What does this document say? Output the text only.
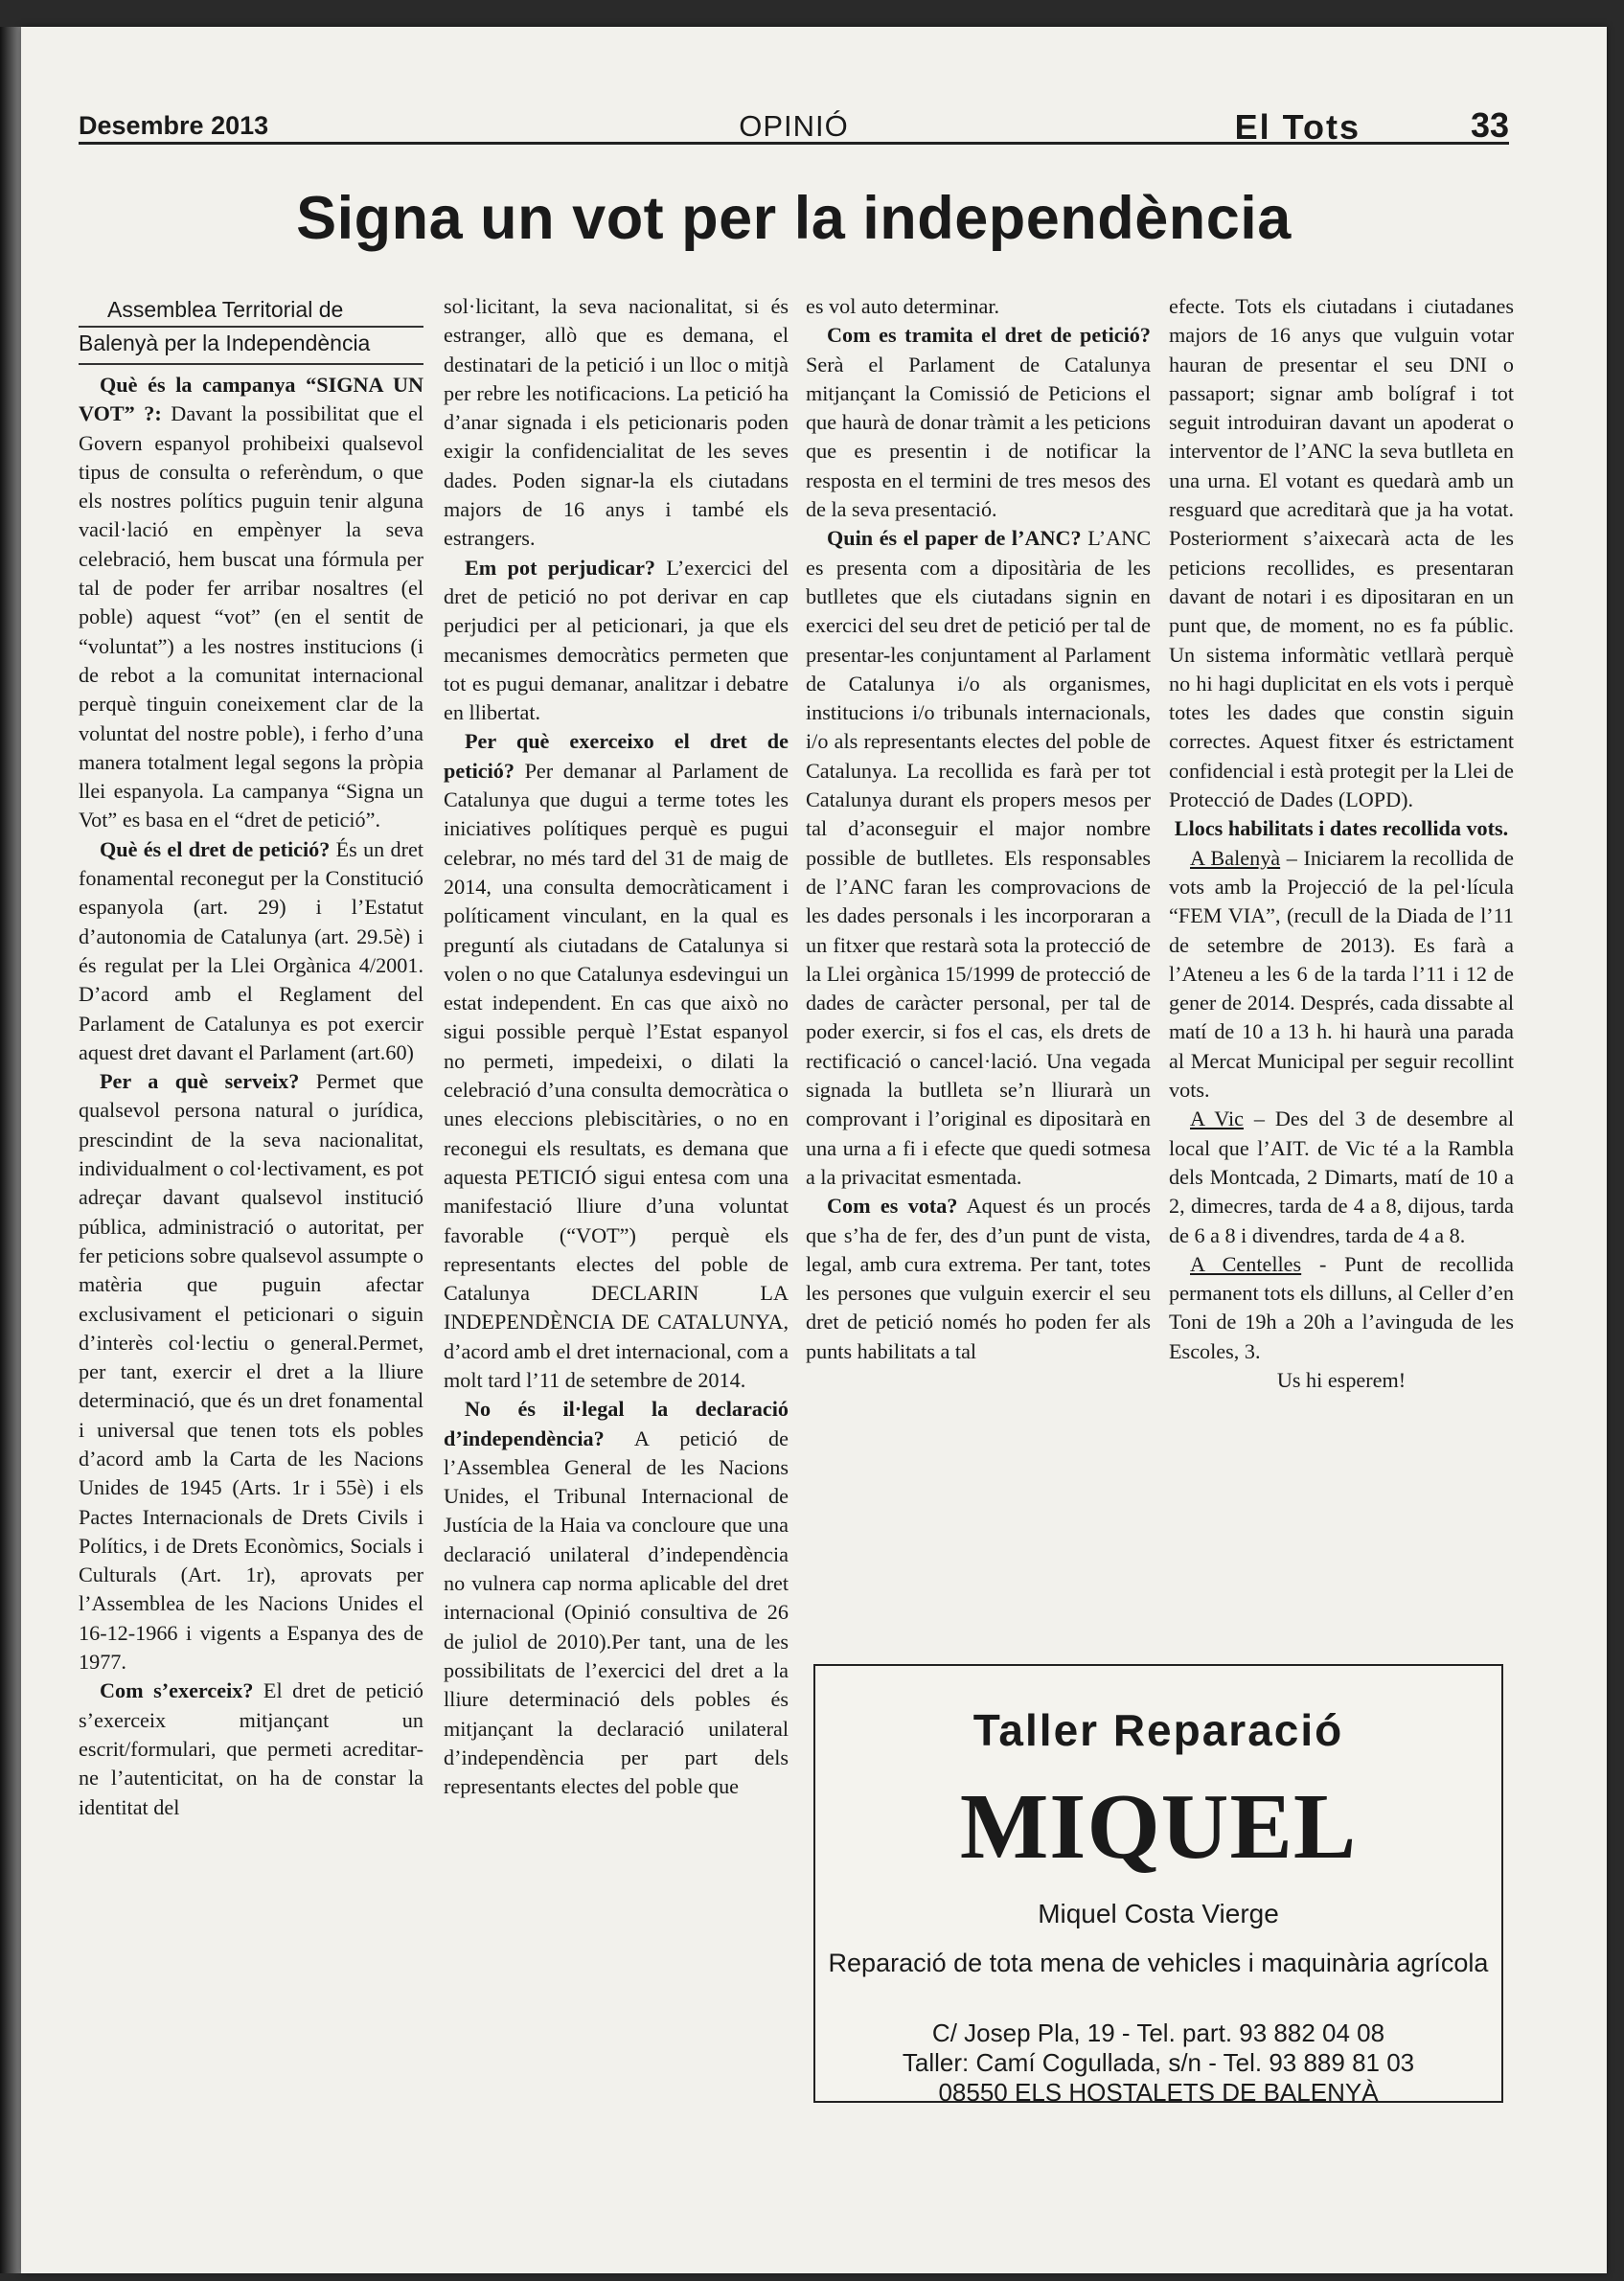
Desembre 2013	OPINIÓ	El Tots	33
Signa un vot per la independència
Assemblea Territorial de
Balenyà per la Independència

Què és la campanya “SIGNA UN VOT” ?: Davant la possibilitat que el Govern espanyol prohibeixi qualsevol tipus de consulta o referèndum, o que els nostres polítics puguin tenir alguna vacil·lació en empènyer la seva celebració, hem buscat una fórmula per tal de poder fer arribar nosaltres (el poble) aquest “vot” (en el sentit de “voluntat”) a les nostres institucions (i de rebot a la comunitat internacional perquè tinguin coneixement clar de la voluntat del nostre poble), i ferho d’una manera totalment legal segons la pròpia llei espanyola. La campanya “Signa un Vot” es basa en el “dret de petició”.

Què és el dret de petició? És un dret fonamental reconegut per la Constitució espanyola (art. 29) i l’Estatut d’autonomia de Catalunya (art. 29.5è) i és regulat per la Llei Orgànica 4/2001. D’acord amb el Reglament del Parlament de Catalunya es pot exercir aquest dret davant el Parlament (art.60)

Per a què serveix? Permet que qualsevol persona natural o jurídica, prescindint de la seva nacionalitat, individualment o col·lectivament, es pot adreçar davant qualsevol institució pública, administració o autoritat, per fer peticions sobre qualsevol assumpte o matèria que puguin afectar exclusivament el peticionari o siguin d’interès col·lectiu o general.Permet, per tant, exercir el dret a la lliure determinació, que és un dret fonamental i universal que tenen tots els pobles d’acord amb la Carta de les Nacions Unides de 1945 (Arts. 1r i 55è) i els Pactes Internacionals de Drets Civils i Polítics, i de Drets Econòmics, Socials i Culturals (Art. 1r), aprovats per l’Assemblea de les Nacions Unides el 16-12-1966 i vigents a Espanya des de 1977.

Com s’exerceix? El dret de petició s’exerceix mitjançant un escrit/formulari, que permeti acreditar-ne l’autenticitat, on ha de constar la identitat del

sol·licitant, la seva nacionalitat, si és estranger, allò que es demana, el destinatari de la petició i un lloc o mitjà per rebre les notificacions. La petició ha d’anar signada i els peticionaris poden exigir la confidencialitat de les seves dades. Poden signar-la els ciutadans majors de 16 anys i també els estrangers.

Em pot perjudicar? L’exercici del dret de petició no pot derivar en cap perjudici per al peticionari, ja que els mecanismes democràtics permeten que tot es pugui demanar, analitzar i debatre en llibertat.

Per què exerceixo el dret de petició? Per demanar al Parlament de Catalunya que dugui a terme totes les iniciatives polítiques perquè es pugui celebrar, no més tard del 31 de maig de 2014, una consulta democràticament i políticament vinculant, en la qual es preguntí als ciutadans de Catalunya si volen o no que Catalunya esdevingui un estat independent. En cas que això no sigui possible perquè l’Estat espanyol no permeti, impedeixi, o dilati la celebració d’una consulta democràtica o unes eleccions plebiscitàries, o no en reconegui els resultats, es demana que aquesta PETICIÓ sigui entesa com una manifestació lliure d’una voluntat favorable (“VOT”) perquè els representants electes del poble de Catalunya DECLARIN LA INDEPENDÈNCIA DE CATALUNYA, d’acord amb el dret internacional, com a molt tard l’11 de setembre de 2014.

No és il·legal la declaració d’independència? A petició de l’Assemblea General de les Nacions Unides, el Tribunal Internacional de Justícia de la Haia va concloure que una declaració unilateral d’independència no vulnera cap norma aplicable del dret internacional (Opinió consultiva de 26 de juliol de 2010).Per tant, una de les possibilitats de l’exercici del dret a la lliure determinació dels pobles és mitjançant la declaració unilateral d’independència per part dels representants electes del poble que

es vol auto determinar.

Com es tramita el dret de petició? Serà el Parlament de Catalunya mitjançant la Comissió de Peticions el que haurà de donar tràmit a les peticions que es presentin i de notificar la resposta en el termini de tres mesos des de la seva presentació.

Quin és el paper de l’ANC? L’ANC es presenta com a dipositària de les butlletes que els ciutadans signin en exercici del seu dret de petició per tal de presentar-les conjuntament al Parlament de Catalunya i/o als organismes, institucions i/o tribunals internacionals, i/o als representants electes del poble de Catalunya. La recollida es farà per tot Catalunya durant els propers mesos per tal d’aconseguir el major nombre possible de butlletes. Els responsables de l’ANC faran les comprovacions de les dades personals i les incorporaran a un fitxer que restarà sota la protecció de la Llei orgànica 15/1999 de protecció de dades de caràcter personal, per tal de poder exercir, si fos el cas, els drets de rectificació o cancel·lació. Una vegada signada la butlleta se’n lliurarà un comprovant i l’original es dipositarà en una urna a fi i efecte que quedi sotmesa a la privacitat esmentada.

Com es vota? Aquest és un procés que s’ha de fer, des d’un punt de vista, legal, amb cura extrema. Per tant, totes les persones que vulguin exercir el seu dret de petició només ho poden fer als punts habilitats a tal

efecte. Tots els ciutadans i ciutadanes majors de 16 anys que vulguin votar hauran de presentar el seu DNI o passaport; signar amb bolígraf i tot seguit introduiran davant un apoderat o interventor de l’ANC la seva butlleta en una urna. El votant es quedarà amb un resguard que acreditarà que ja ha votat. Posteriorment s’aixecarà acta de les peticions recollides, es presentaran davant de notari i es dipositaran en un punt que, de moment, no es fa públic. Un sistema informàtic vetllarà perquè no hi hagi duplicitat en els vots i perquè totes les dades que constin siguin correctes. Aquest fitxer és estrictament confidencial i està protegit per la Llei de Protecció de Dades (LOPD).

Llocs habilitats i dates recollida vots.

A Balenyà – Iniciarem la recollida de vots amb la Projecció de la pel·lícula “FEM VIA”, (recull de la Diada de l’11 de setembre de 2013). Es farà a l’Ateneu a les 6 de la tarda l’11 i 12 de gener de 2014. Després, cada dissabte al matí de 10 a 13 h. hi haurà una parada al Mercat Municipal per seguir recollint vots.

A Vic – Des del 3 de desembre al local que l’AIT. de Vic té a la Rambla dels Montcada, 2 Dimarts, matí de 10 a 2, dimecres, tarda de 4 a 8, dijous, tarda de 6 a 8 i divendres, tarda de 4 a 8.

A Centelles - Punt de recollida permanent tots els dilluns, al Celler d’en Toni de 19h a 20h a l’avinguda de les Escoles, 3.

Us hi esperem!

Taller Reparació
MIQUEL
Miquel Costa Vierge
Reparació de tota mena de vehicles i maquinària agrícola
C/ Josep Pla, 19 - Tel. part. 93 882 04 08
Taller: Camí Cogullada, s/n - Tel. 93 889 81 03
08550 ELS HOSTALETS DE BALENYÀ
